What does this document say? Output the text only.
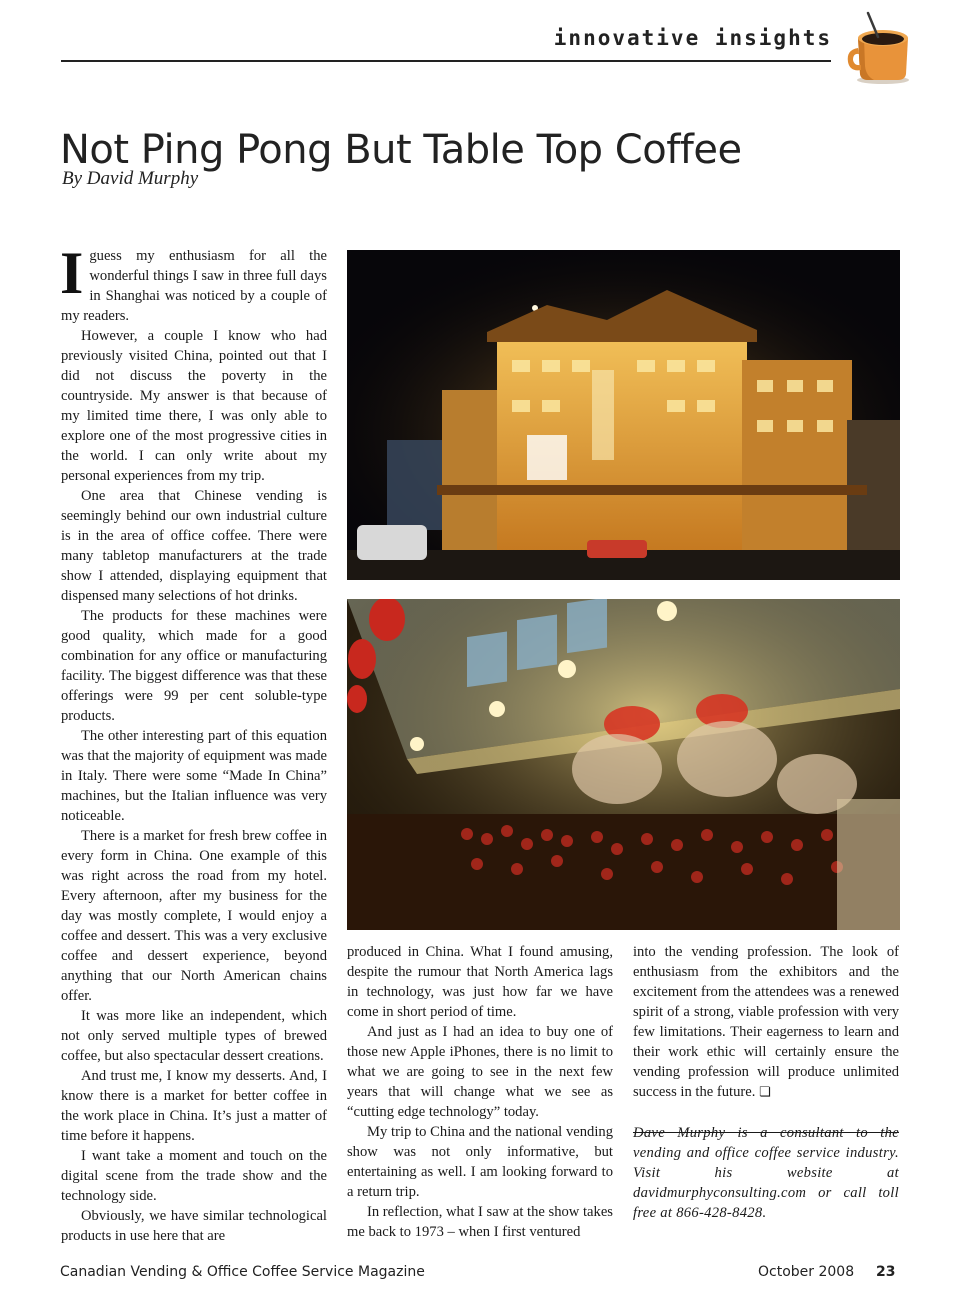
innovative insights
Not Ping Pong But Table Top Coffee
By David Murphy

Iguess my enthusiasm for all the wonderful things I saw in three full days in Shanghai was noticed by a couple of my readers.

However, a couple I know who had previously visited China, pointed out that I did not discuss the poverty in the countryside. My answer is that because of my limited time there, I was only able to explore one of the most progressive cities in the world. I can only write about my personal experiences from my trip.

One area that Chinese vending is seemingly behind our own industrial culture is in the area of office coffee. There were many tabletop manufacturers at the trade show I attended, displaying equipment that dispensed many selections of hot drinks.

The products for these machines were good quality, which made for a good combination for any office or manufacturing facility. The biggest difference was that these offerings were 99 per cent soluble-type products.

The other interesting part of this equation was that the majority of equipment was made in Italy. There were some “Made In China” machines, but the Italian influence was very noticeable.

There is a market for fresh brew coffee in every form in China. One example of this was right across the road from my hotel. Every afternoon, after my business for the day was mostly complete, I would enjoy a coffee and dessert. This was a very exclusive coffee and dessert experience, beyond anything that our North American chains offer.

It was more like an independent, which not only served multiple types of brewed coffee, but also spectacular dessert creations.

And trust me, I know my desserts. And, I know there is a market for better coffee in the work place in China. It’s just a matter of time before it happens.

I want take a moment and touch on the digital scene from the trade show and the technology side.

Obviously, we have similar technological products in use here that are

produced in China. What I found amusing, despite the rumour that North America lags in technology, was just how far we have come in short period of time.

And just as I had an idea to buy one of those new Apple iPhones, there is no limit to what we are going to see in the next few years that will change what we see as “cutting edge technology” today.

My trip to China and the national vending show was not only informative, but entertaining as well. I am looking forward to a return trip.

In reflection, what I saw at the show takes me back to 1973 – when I first ventured

into the vending profession. The look of enthusiasm from the exhibitors and the excitement from the attendees was a renewed spirit of a strong, viable profession with very few limitations. Their eagerness to learn and their work ethic will certainly ensure the vending profession will produce unlimited success in the future. ❏

Dave Murphy is a consultant to the vending and office coffee service industry. Visit his website at davidmurphyconsulting.com or call toll free at 866-428-8428.

Canadian Vending & Office Coffee Service Magazine	October 2008 23
